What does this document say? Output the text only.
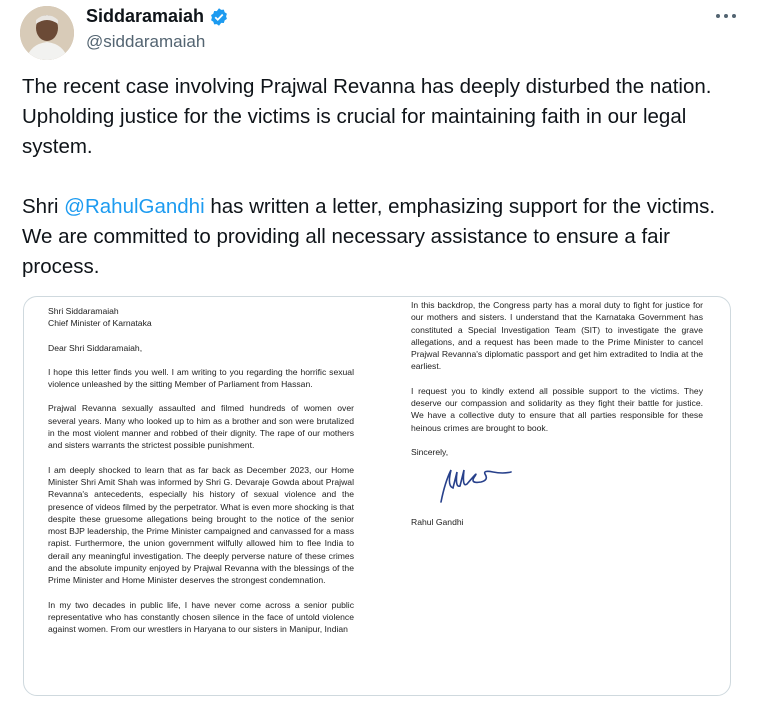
Siddaramaiah
@siddaramaiah
The recent case involving Prajwal Revanna has deeply disturbed the nation. Upholding justice for the victims is crucial for maintaining faith in our legal system.

Shri @RahulGandhi has written a letter, emphasizing support for the victims. We are committed to providing all necessary assistance to ensure a fair process.
Shri Siddaramaiah
Chief Minister of Karnataka

Dear Shri Siddaramaiah,

I hope this letter finds you well. I am writing to you regarding the horrific sexual violence unleashed by the sitting Member of Parliament from Hassan.

Prajwal Revanna sexually assaulted and filmed hundreds of women over several years. Many who looked up to him as a brother and son were brutalized in the most violent manner and robbed of their dignity. The rape of our mothers and sisters warrants the strictest possible punishment.

I am deeply shocked to learn that as far back as December 2023, our Home Minister Shri Amit Shah was informed by Shri G. Devaraje Gowda about Prajwal Revanna's antecedents, especially his history of sexual violence and the presence of videos filmed by the perpetrator. What is even more shocking is that despite these gruesome allegations being brought to the notice of the senior most BJP leadership, the Prime Minister campaigned and canvassed for a mass rapist. Furthermore, the union government wilfully allowed him to flee India to derail any meaningful investigation. The deeply perverse nature of these crimes and the absolute impunity enjoyed by Prajwal Revanna with the blessings of the Prime Minister and Home Minister deserves the strongest condemnation.

In my two decades in public life, I have never come across a senior public representative who has constantly chosen silence in the face of untold violence against women. From our wrestlers in Haryana to our sisters in Manipur, Indian

In this backdrop, the Congress party has a moral duty to fight for justice for our mothers and sisters. I understand that the Karnataka Government has constituted a Special Investigation Team (SIT) to investigate the grave allegations, and a request has been made to the Prime Minister to cancel Prajwal Revanna's diplomatic passport and get him extradited to India at the earliest.

I request you to kindly extend all possible support to the victims. They deserve our compassion and solidarity as they fight their battle for justice. We have a collective duty to ensure that all parties responsible for these heinous crimes are brought to book.

Sincerely,
Rahul Gandhi
